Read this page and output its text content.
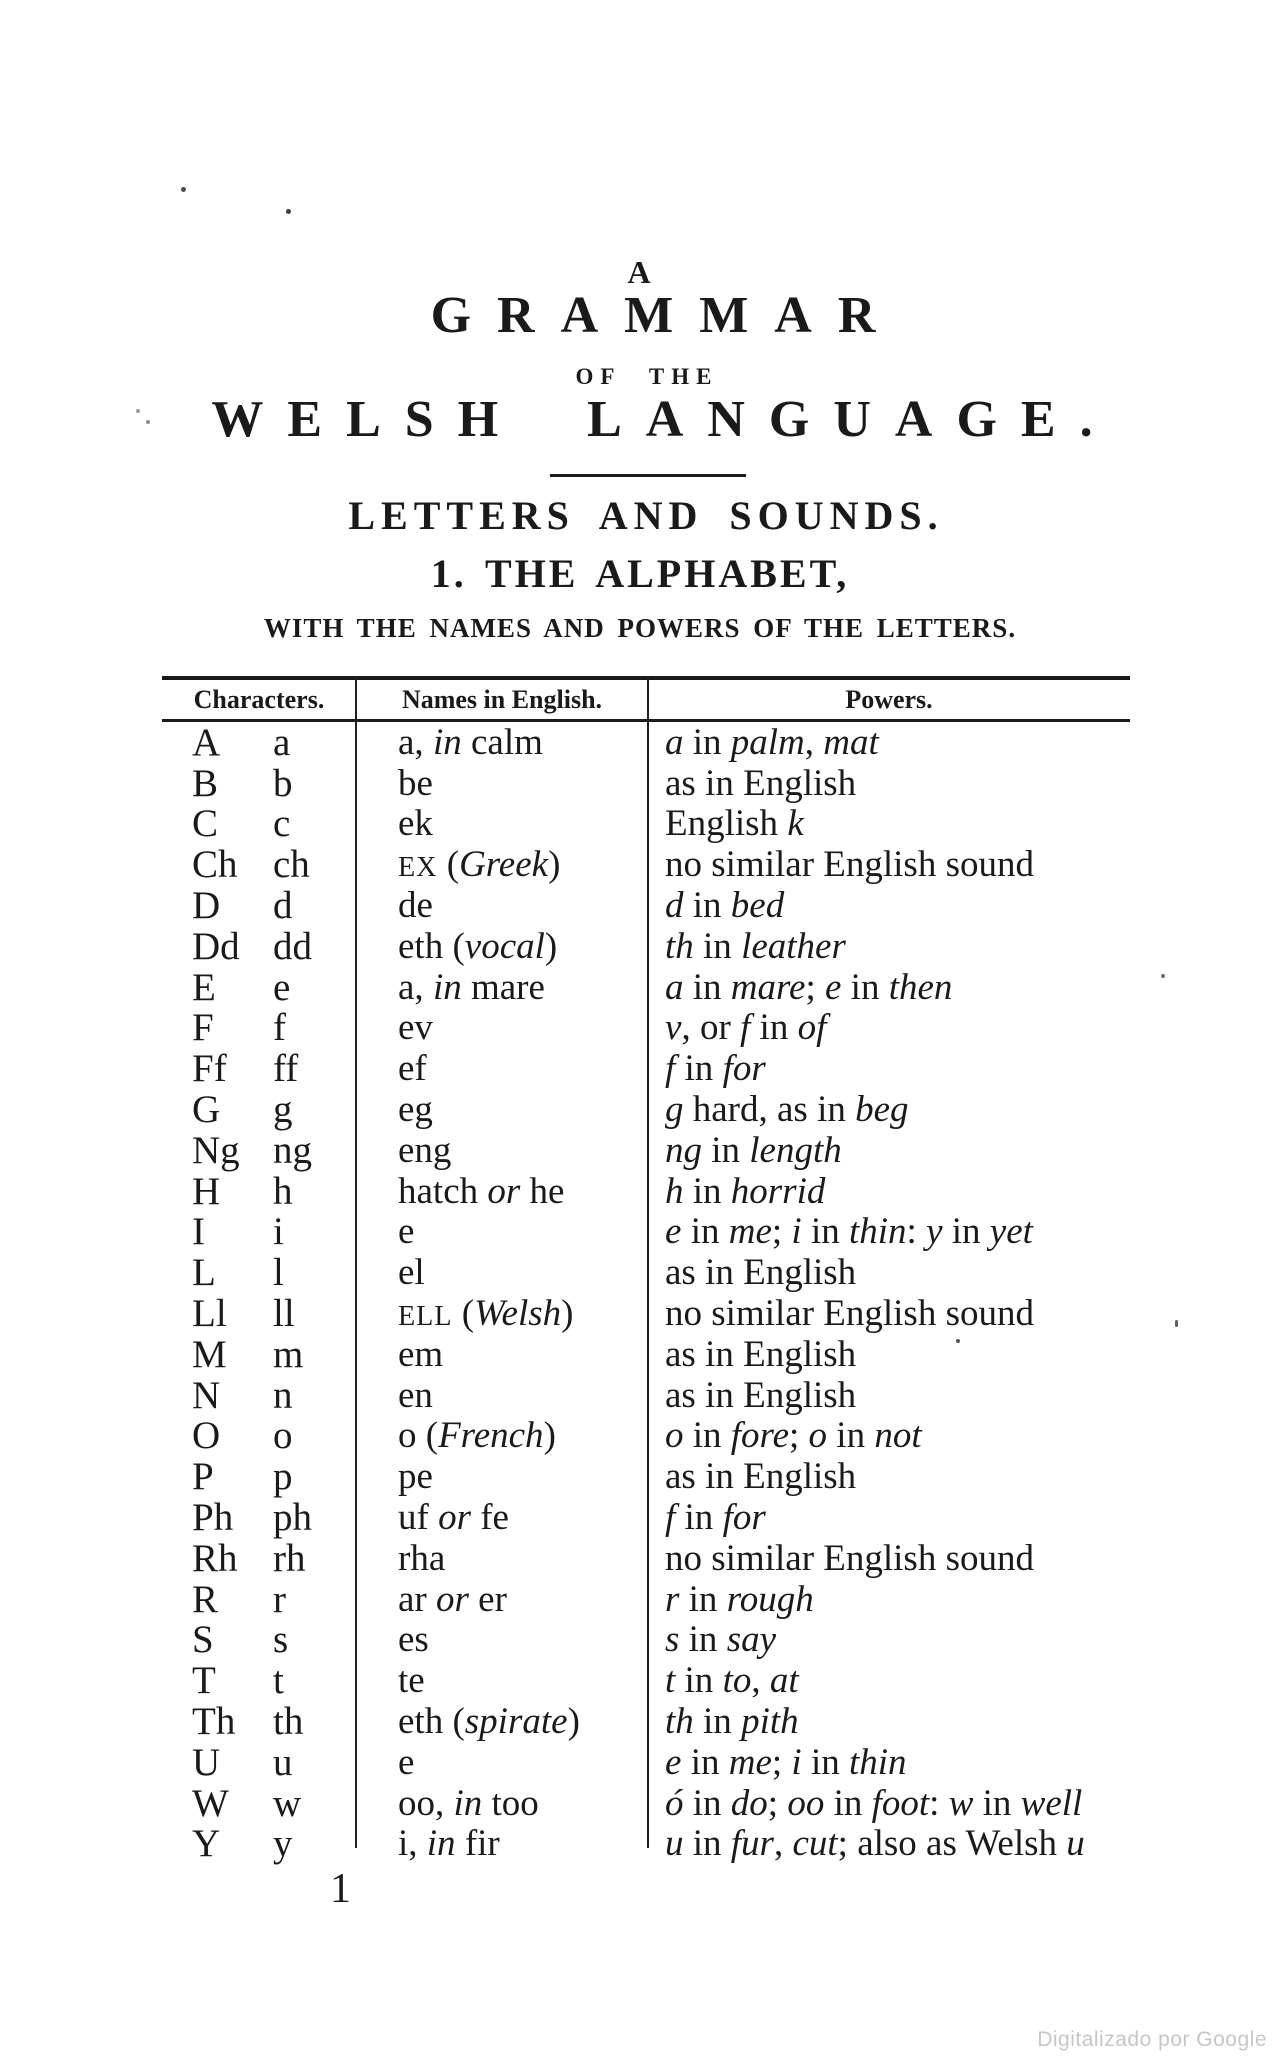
A
GRAMMAR
OF THE
WELSH LANGUAGE.
LETTERS AND SOUNDS.
1. THE ALPHABET,
WITH THE NAMES AND POWERS OF THE LETTERS.
Characters.	Names in English.	Powers.
A a	a, in calm	a in palm, mat
B b	be	as in English
C c	ek	English k
Ch ch	EX (Greek)	no similar English sound
D d	de	d in bed
Dd dd	eth (vocal)	th in leather
E e	a, in mare	a in mare; e in then
F f	ev	v, or f in of
Ff ff	ef	f in for
G g	eg	g hard, as in beg
Ng ng	eng	ng in length
H h	hatch or he	h in horrid
I i	e	e in me; i in thin: y in yet
L l	el	as in English
Ll ll	ELL (Welsh)	no similar English sound
M m	em	as in English
N n	en	as in English
O o	o (French)	o in fore; o in not
P p	pe	as in English
Ph ph	uf or fe	f in for
Rh rh	rha	no similar English sound
R r	ar or er	r in rough
S s	es	s in say
T t	te	t in to, at
Th th	eth (spirate)	th in pith
U u	e	e in me; i in thin
W w	oo, in too	ó in do; oo in foot: w in well
Y y	i, in fir	u in fur, cut; also as Welsh u
1
Digitalizado por Google
